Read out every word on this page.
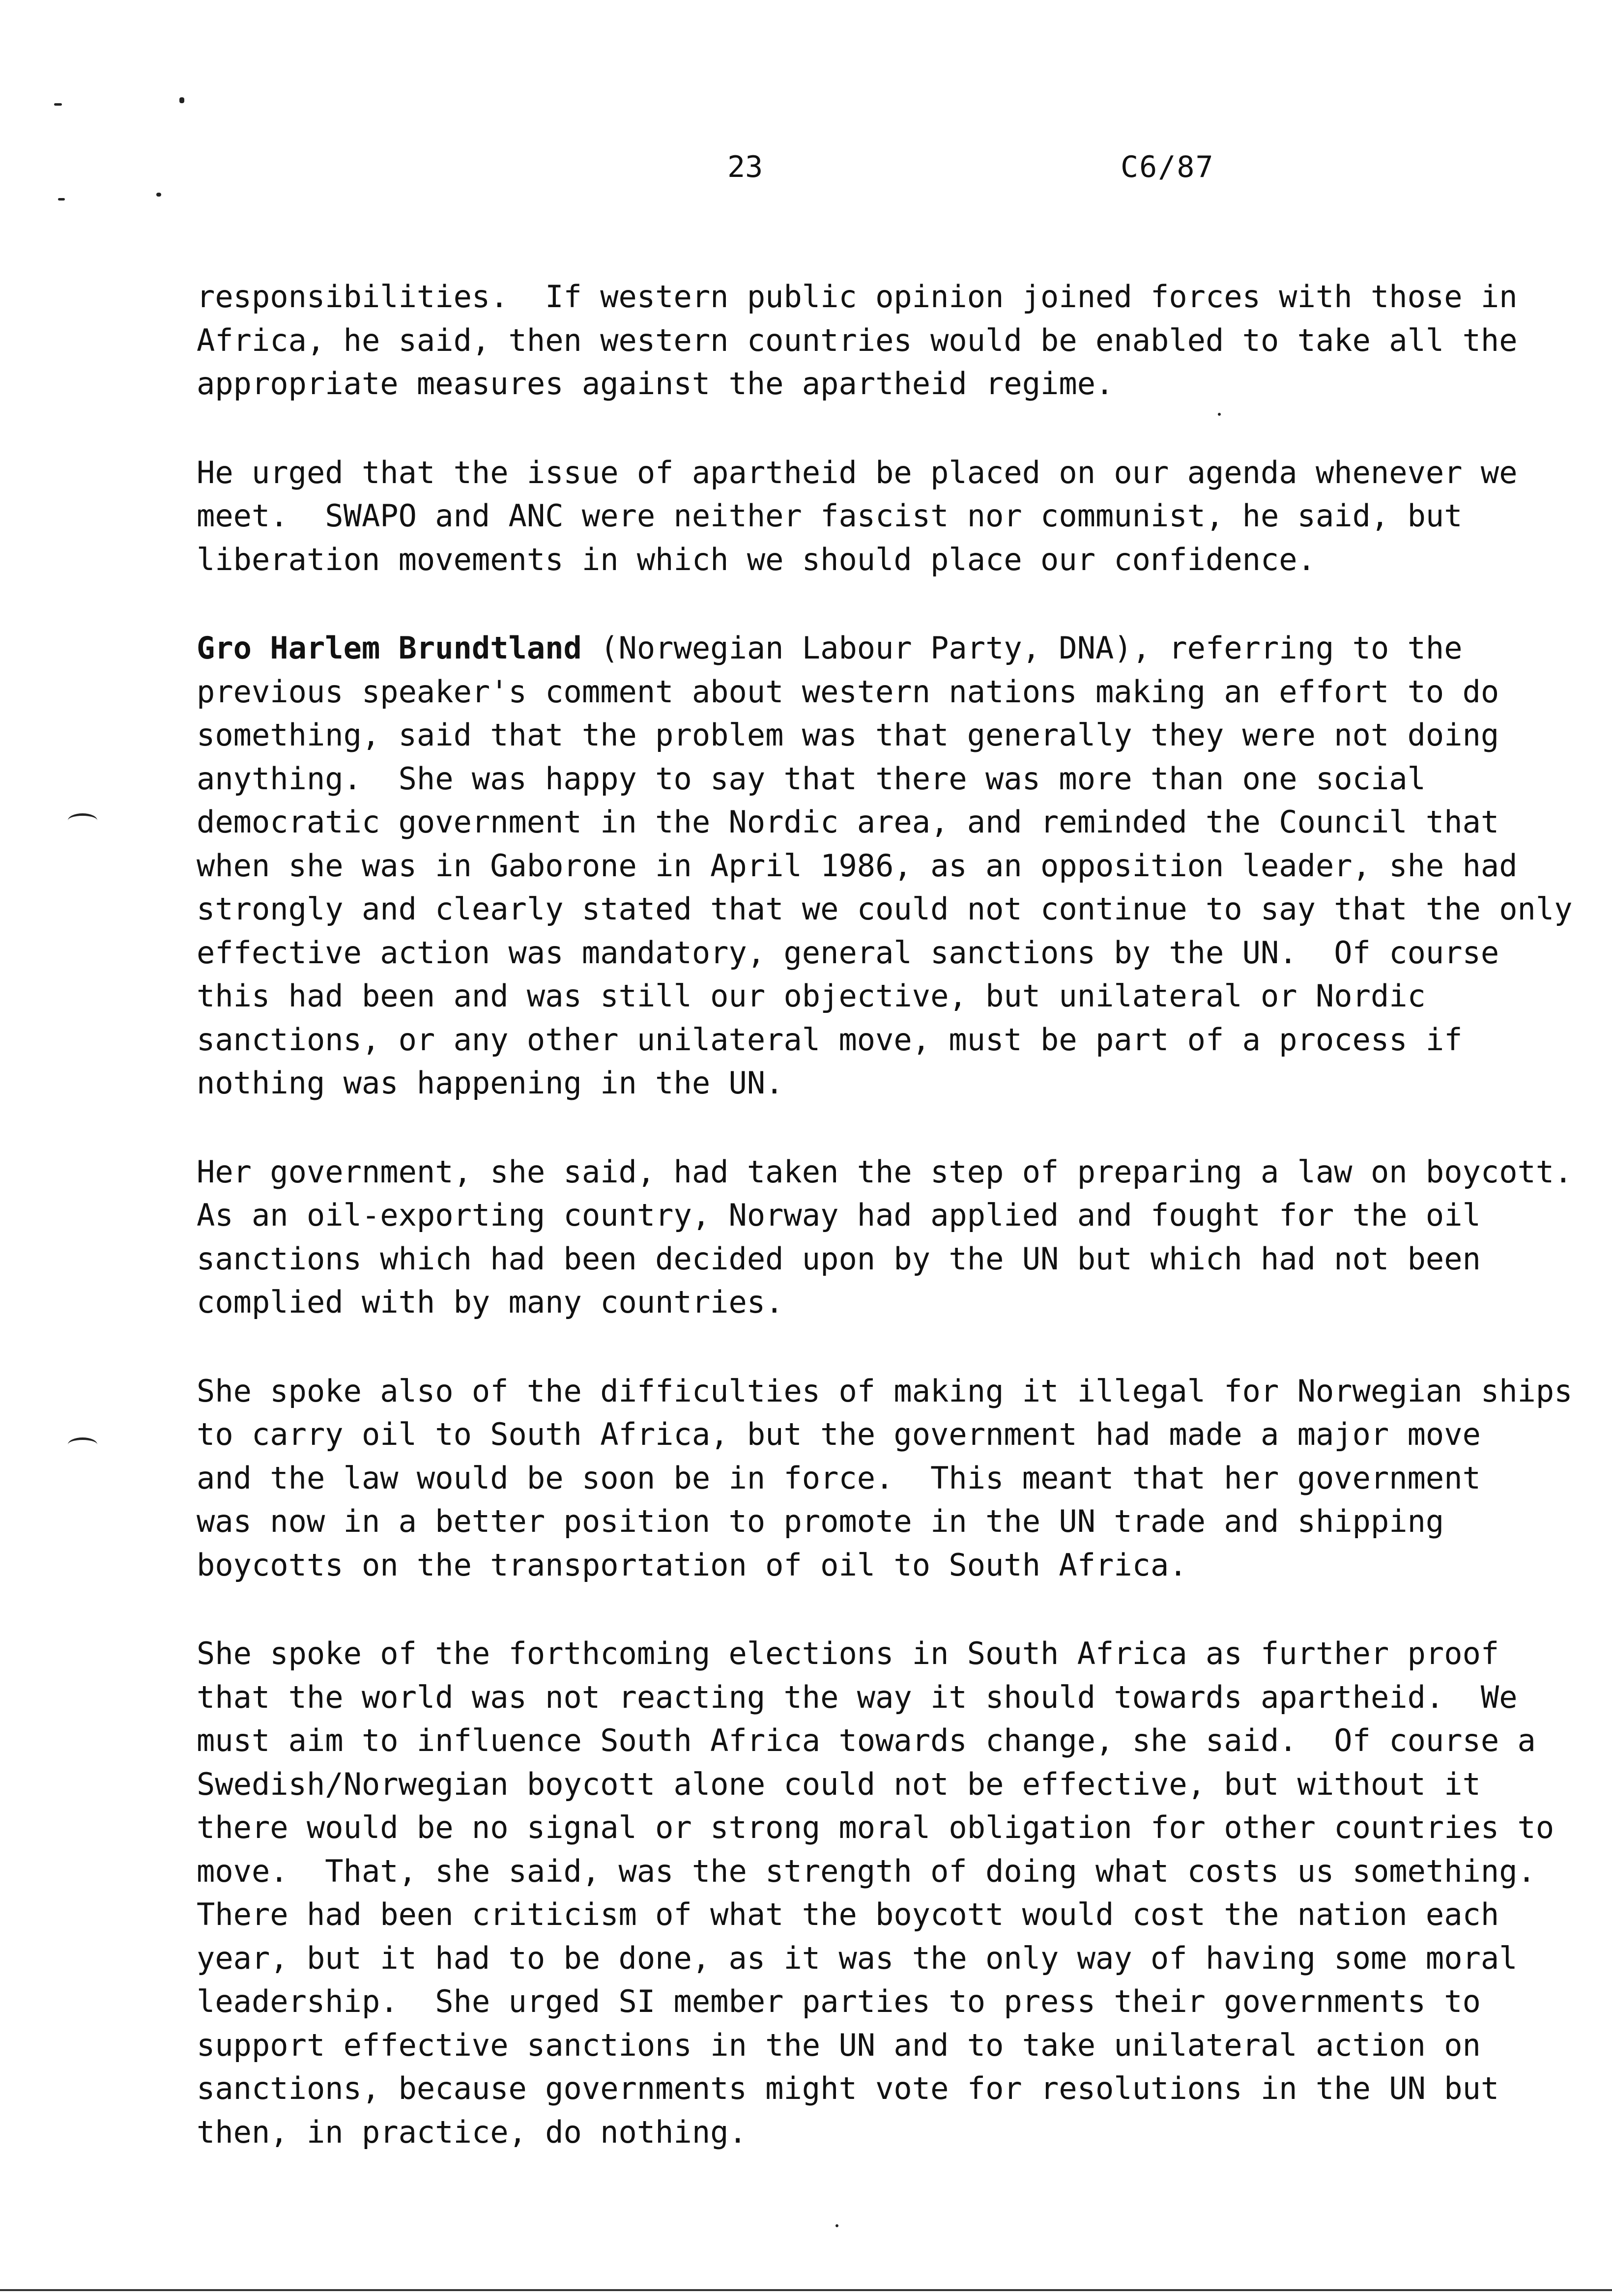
23	C6/87
responsibilities.  If western public opinion joined forces with those in
Africa, he said, then western countries would be enabled to take all the
appropriate measures against the apartheid regime.
He urged that the issue of apartheid be placed on our agenda whenever we
meet.  SWAPO and ANC were neither fascist nor communist, he said, but
liberation movements in which we should place our confidence.
Gro Harlem Brundtland (Norwegian Labour Party, DNA), referring to the
previous speaker's comment about western nations making an effort to do
something, said that the problem was that generally they were not doing
anything.  She was happy to say that there was more than one social
democratic government in the Nordic area, and reminded the Council that
when she was in Gaborone in April 1986, as an opposition leader, she had
strongly and clearly stated that we could not continue to say that the only
effective action was mandatory, general sanctions by the UN.  Of course
this had been and was still our objective, but unilateral or Nordic
sanctions, or any other unilateral move, must be part of a process if
nothing was happening in the UN.
Her government, she said, had taken the step of preparing a law on boycott.
As an oil-exporting country, Norway had applied and fought for the oil
sanctions which had been decided upon by the UN but which had not been
complied with by many countries.
She spoke also of the difficulties of making it illegal for Norwegian ships
to carry oil to South Africa, but the government had made a major move
and the law would be soon be in force.  This meant that her government
was now in a better position to promote in the UN trade and shipping
boycotts on the transportation of oil to South Africa.
She spoke of the forthcoming elections in South Africa as further proof
that the world was not reacting the way it should towards apartheid.  We
must aim to influence South Africa towards change, she said.  Of course a
Swedish/Norwegian boycott alone could not be effective, but without it
there would be no signal or strong moral obligation for other countries to
move.  That, she said, was the strength of doing what costs us something.
There had been criticism of what the boycott would cost the nation each
year, but it had to be done, as it was the only way of having some moral
leadership.  She urged SI member parties to press their governments to
support effective sanctions in the UN and to take unilateral action on
sanctions, because governments might vote for resolutions in the UN but
then, in practice, do nothing.
